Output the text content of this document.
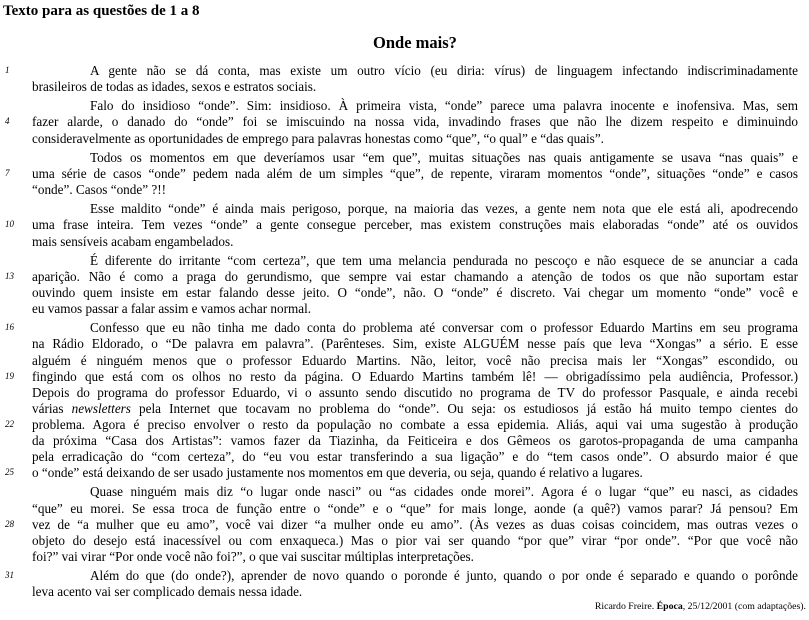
Texto para as questões de 1 a 8
Onde mais?
1	A gente não se dá conta, mas existe um outro vício (eu diria: vírus) de linguagem infectando indiscriminadamente
brasileiros de todas as idades, sexos e estratos sociais.
Falo do insidioso “onde”. Sim: insidioso. À primeira vista, “onde” parece uma palavra inocente e inofensiva. Mas, sem
4	fazer alarde, o danado do “onde” foi se imiscuindo na nossa vida, invadindo frases que não lhe dizem respeito e diminuindo
consideravelmente as oportunidades de emprego para palavras honestas como “que”, “o qual” e “das quais”.
Todos os momentos em que deveríamos usar “em que”, muitas situações nas quais antigamente se usava “nas quais” e
7	uma série de casos “onde” pedem nada além de um simples “que”, de repente, viraram momentos “onde”, situações “onde” e casos
“onde”. Casos “onde” ?!!
Esse maldito “onde” é ainda mais perigoso, porque, na maioria das vezes, a gente nem nota que ele está ali, apodrecendo
10	uma frase inteira. Tem vezes “onde” a gente consegue perceber, mas existem construções mais elaboradas “onde” até os ouvidos
mais sensíveis acabam engambelados.
É diferente do irritante “com certeza”, que tem uma melancia pendurada no pescoço e não esquece de se anunciar a cada
13	aparição. Não é como a praga do gerundismo, que sempre vai estar chamando a atenção de todos os que não suportam estar
ouvindo quem insiste em estar falando desse jeito. O “onde”, não. O “onde” é discreto. Vai chegar um momento “onde” você e
eu vamos passar a falar assim e vamos achar normal.
16	Confesso que eu não tinha me dado conta do problema até conversar com o professor Eduardo Martins em seu programa
na Rádio Eldorado, o “De palavra em palavra”. (Parênteses. Sim, existe ALGUÉM nesse país que leva “Xongas” a sério. E esse
alguém é ninguém menos que o professor Eduardo Martins. Não, leitor, você não precisa mais ler “Xongas” escondido, ou
19	fingindo que está com os olhos no resto da página. O Eduardo Martins também lê! — obrigadíssimo pela audiência, Professor.)
Depois do programa do professor Eduardo, vi o assunto sendo discutido no programa de TV do professor Pasquale, e ainda recebi
várias newsletters pela Internet que tocavam no problema do “onde”. Ou seja: os estudiosos já estão há muito tempo cientes do
22	problema. Agora é preciso envolver o resto da população no combate a essa epidemia. Aliás, aqui vai uma sugestão à produção
da próxima “Casa dos Artistas”: vamos fazer da Tiazinha, da Feiticeira e dos Gêmeos os garotos-propaganda de uma campanha
pela erradicação do “com certeza”, do “eu vou estar transferindo a sua ligação” e do “tem casos onde”. O absurdo maior é que
25	o “onde” está deixando de ser usado justamente nos momentos em que deveria, ou seja, quando é relativo a lugares.
Quase ninguém mais diz “o lugar onde nasci” ou “as cidades onde morei”. Agora é o lugar “que” eu nasci, as cidades
“que” eu morei. Se essa troca de função entre o “onde” e o “que” for mais longe, aonde (a quê?) vamos parar? Já pensou? Em
28	vez de “a mulher que eu amo”, você vai dizer “a mulher onde eu amo”. (Às vezes as duas coisas coincidem, mas outras vezes o
objeto do desejo está inacessível ou com enxaqueca.) Mas o pior vai ser quando “por que” virar “por onde”. “Por que você não
foi?” vai virar “Por onde você não foi?”, o que vai suscitar múltiplas interpretações.
31	Além do que (do onde?), aprender de novo quando o poronde é junto, quando o por onde é separado e quando o porônde
leva acento vai ser complicado demais nessa idade.
Ricardo Freire. Época, 25/12/2001 (com adaptações).
